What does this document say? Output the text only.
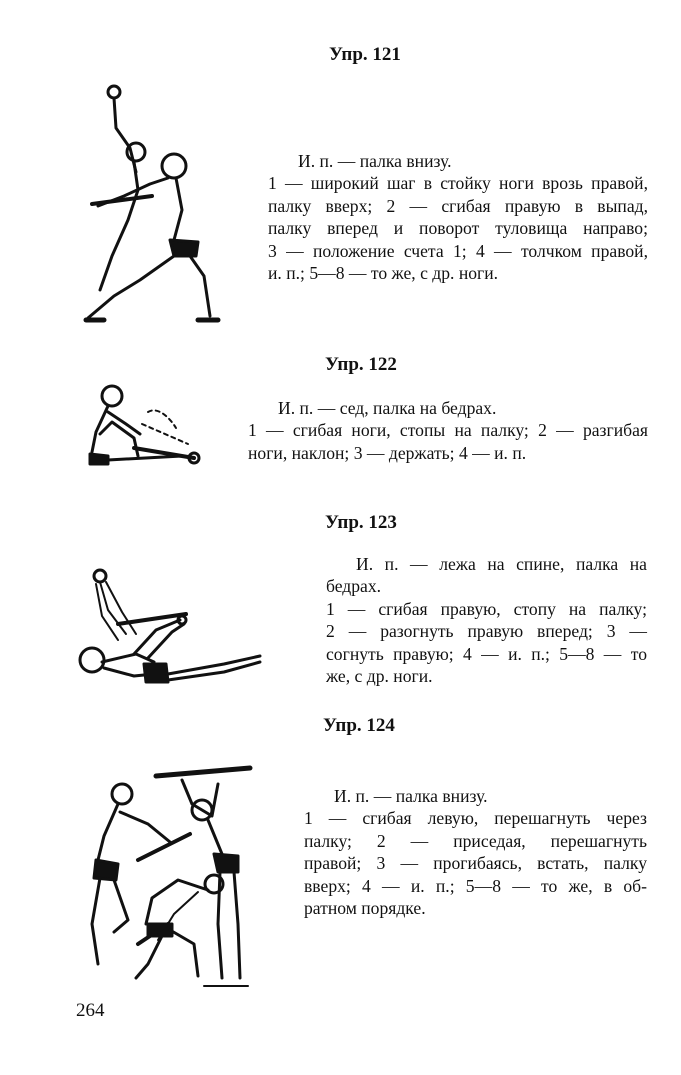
Упр. 121
И. п. — палка внизу.
1 — широкий шаг в стойку ноги врозь правой,
палку вверх; 2 — сгибая правую в выпад,
палку вперед и поворот туловища направо;
3 — положение счета 1; 4 — толчком правой,
и. п.; 5—8 — то же, с др. ноги.
Упр. 122
И. п. — сед, палка на бедрах.
1 — сгибая ноги, стопы на палку; 2 — разгибая
ноги, наклон; 3 — держать; 4 — и. п.
Упр. 123
И. п. — лежа на спине, палка на
бедрах.
1 — сгибая правую, стопу на палку;
2 — разогнуть правую вперед; 3 —
согнуть правую; 4 — и. п.; 5—8 — то
же, с др. ноги.
Упр. 124
И. п. — палка внизу.
1 — сгибая левую, перешагнуть через
палку; 2 — приседая, перешагнуть
правой; 3 — прогибаясь, встать, палку
вверх; 4 — и. п.; 5—8 — то же, в об-
ратном порядке.
264
